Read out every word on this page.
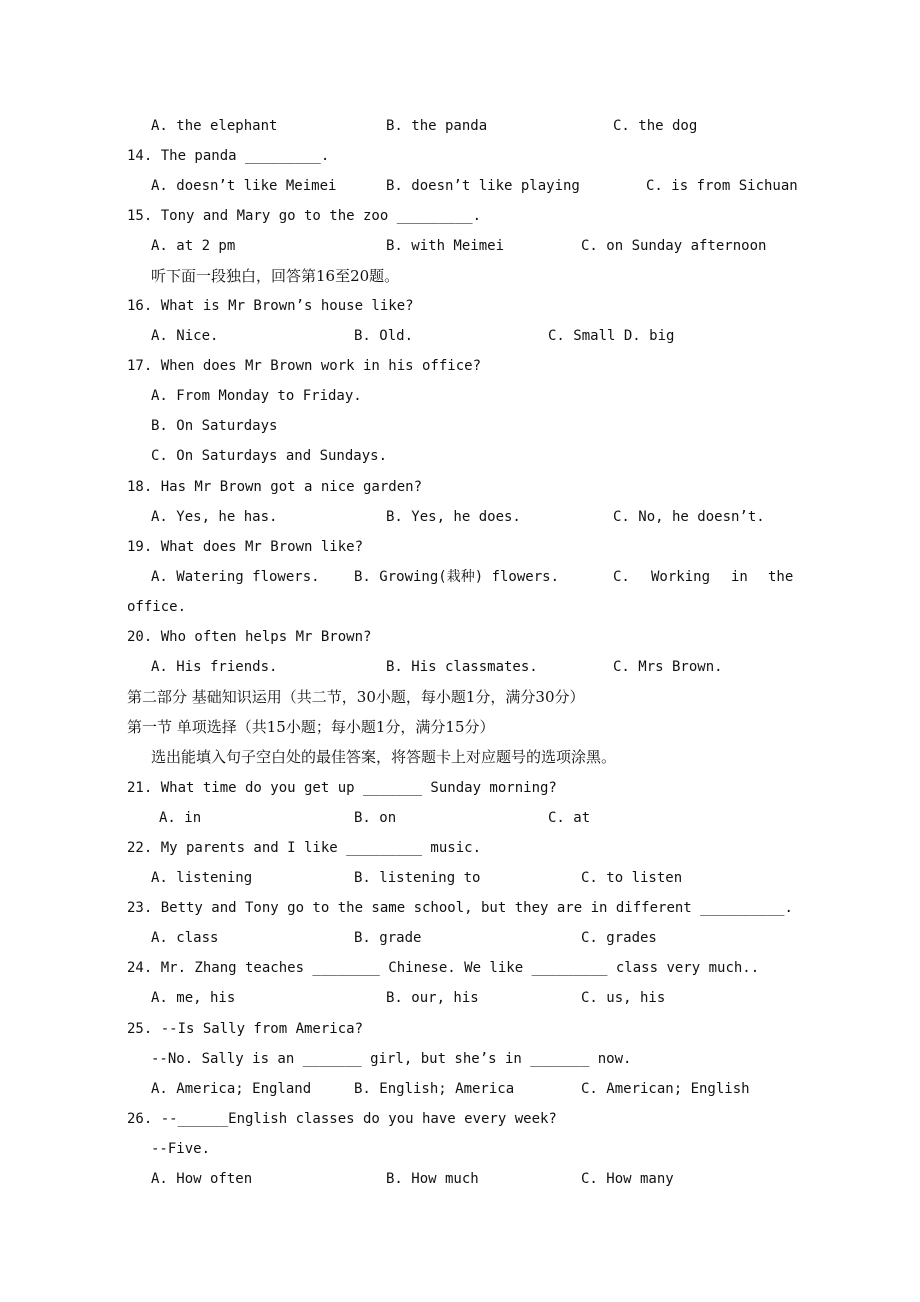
A. the elephant	B. the panda	C. the dog
14. The panda _________.
A. doesn’t like Meimei	B. doesn’t like playing	C. is from Sichuan
15. Tony and Mary go to the zoo _________.
A. at 2 pm	B. with Meimei	C. on Sunday afternoon
听下面一段独白，回答第16至20题。
16. What is Mr Brown’s house like?
A. Nice.	B. Old.	C. Small D. big
17. When does Mr Brown work in his office?
A. From Monday to Friday.
B. On Saturdays
C. On Saturdays and Sundays.
18. Has Mr Brown got a nice garden?
A. Yes, he has.	B. Yes, he does.	C. No, he doesn’t.
19. What does Mr Brown like?
A. Watering flowers. B. Growing(栽种) flowers.	C. Working in the
office.
20. Who often helps Mr Brown?
A. His friends.	B. His classmates.	C. Mrs Brown.
第二部分 基础知识运用（共二节，30小题，每小题1分，满分30分）
第一节 单项选择（共15小题；每小题1分，满分15分）
选出能填入句子空白处的最佳答案，将答题卡上对应题号的选项涂黑。
21. What time do you get up _______ Sunday morning?
A. in	B. on	C. at
22. My parents and I like _________ music.
A. listening	B. listening to	C. to listen
23. Betty and Tony go to the same school, but they are in different __________.
A. class	B. grade	C. grades
24. Mr. Zhang teaches ________ Chinese. We like _________ class very much..
A. me, his	B. our, his	C. us, his
25. --Is Sally from America?
--No. Sally is an _______ girl, but she’s in _______ now.
A. America; England	B. English; America	C. American; English
26. --______English classes do you have every week?
--Five.
A. How often	B. How much	C. How many
